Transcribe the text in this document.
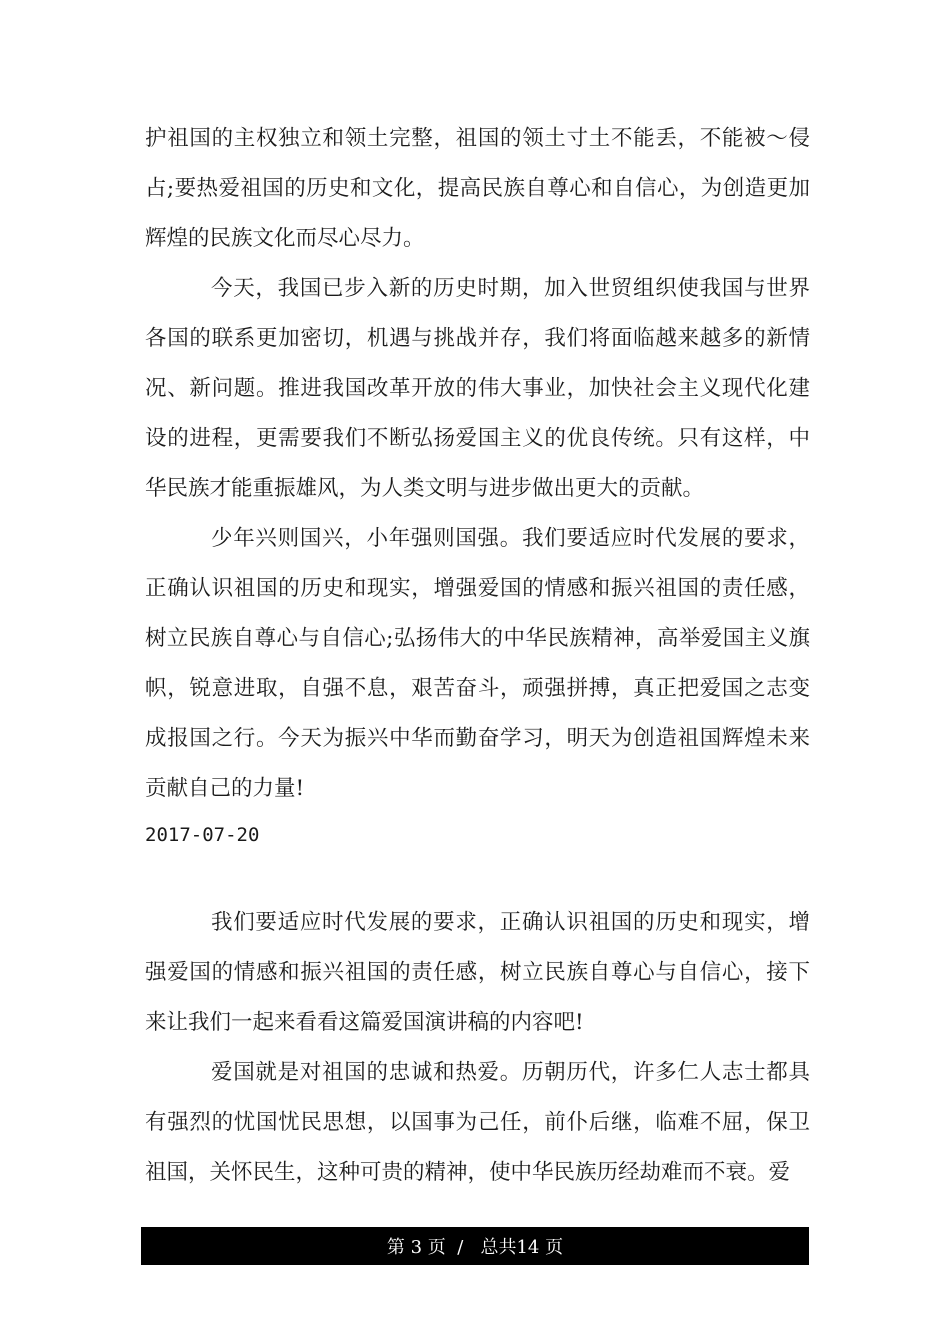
护祖国的主权独立和领土完整，祖国的领土寸土不能丢，不能被～侵占;要热爱祖国的历史和文化，提高民族自尊心和自信心，为创造更加辉煌的民族文化而尽心尽力。

今天，我国已步入新的历史时期，加入世贸组织使我国与世界各国的联系更加密切，机遇与挑战并存，我们将面临越来越多的新情况、新问题。推进我国改革开放的伟大事业，加快社会主义现代化建设的进程，更需要我们不断弘扬爱国主义的优良传统。只有这样，中华民族才能重振雄风，为人类文明与进步做出更大的贡献。

少年兴则国兴，小年强则国强。我们要适应时代发展的要求，正确认识祖国的历史和现实，增强爱国的情感和振兴祖国的责任感，树立民族自尊心与自信心;弘扬伟大的中华民族精神，高举爱国主义旗帜，锐意进取，自强不息，艰苦奋斗，顽强拼搏，真正把爱国之志变成报国之行。今天为振兴中华而勤奋学习，明天为创造祖国辉煌未来贡献自己的力量!

2017-07-20

我们要适应时代发展的要求，正确认识祖国的历史和现实，增强爱国的情感和振兴祖国的责任感，树立民族自尊心与自信心，接下来让我们一起来看看这篇爱国演讲稿的内容吧!

爱国就是对祖国的忠诚和热爱。历朝历代，许多仁人志士都具有强烈的忧国忧民思想，以国事为己任，前仆后继，临难不屈，保卫祖国，关怀民生，这种可贵的精神，使中华民族历经劫难而不衰。爱

第 3 页  /   总共14 页
